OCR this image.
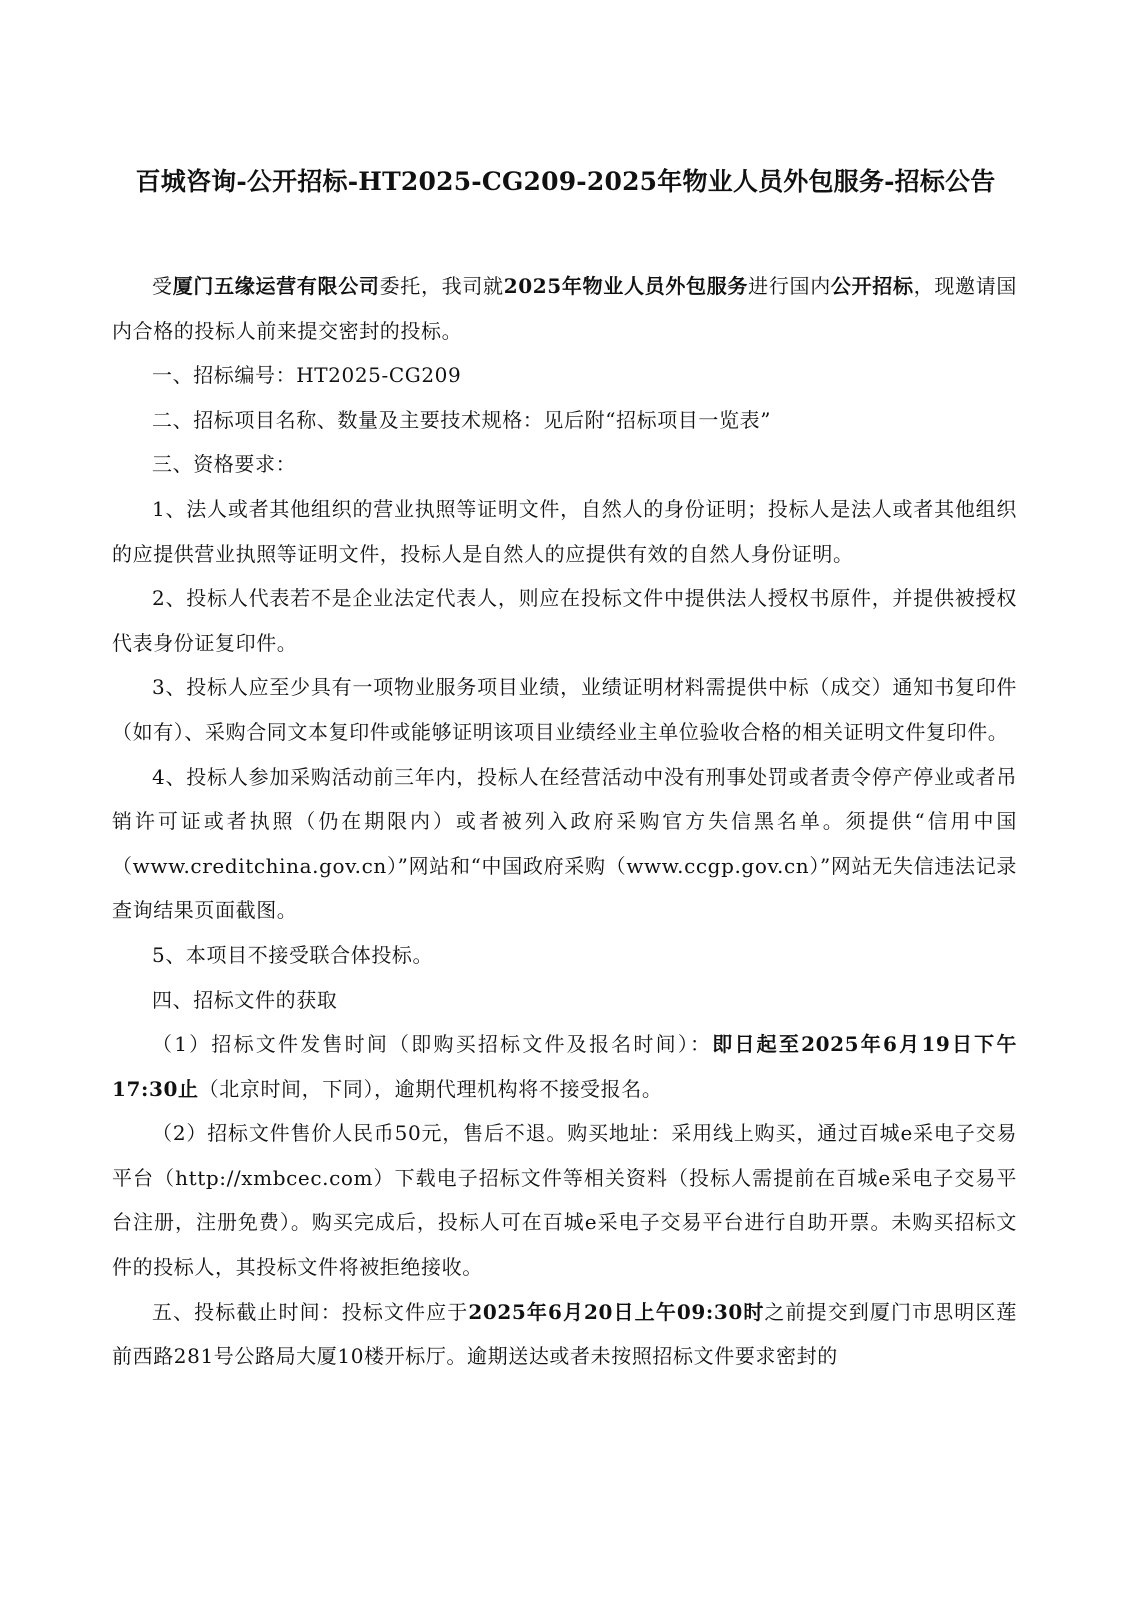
百城咨询-公开招标-HT2025-CG209-2025年物业人员外包服务-招标公告

受厦门五缘运营有限公司委托，我司就2025年物业人员外包服务进行国内公开招标，现邀请国内合格的投标人前来提交密封的投标。

一、招标编号：HT2025-CG209

二、招标项目名称、数量及主要技术规格：见后附“招标项目一览表”

三、资格要求：

1、法人或者其他组织的营业执照等证明文件，自然人的身份证明；投标人是法人或者其他组织的应提供营业执照等证明文件，投标人是自然人的应提供有效的自然人身份证明。

2、投标人代表若不是企业法定代表人，则应在投标文件中提供法人授权书原件，并提供被授权代表身份证复印件。

3、投标人应至少具有一项物业服务项目业绩，业绩证明材料需提供中标（成交）通知书复印件（如有）、采购合同文本复印件或能够证明该项目业绩经业主单位验收合格的相关证明文件复印件。

4、投标人参加采购活动前三年内，投标人在经营活动中没有刑事处罚或者责令停产停业或者吊销许可证或者执照（仍在期限内）或者被列入政府采购官方失信黑名单。须提供“信用中国（www.creditchina.gov.cn）”网站和“中国政府采购（www.ccgp.gov.cn）”网站无失信违法记录查询结果页面截图。

5、本项目不接受联合体投标。

四、招标文件的获取

（1）招标文件发售时间（即购买招标文件及报名时间）：即日起至2025年6月19日下午17:30止（北京时间，下同），逾期代理机构将不接受报名。

（2）招标文件售价人民币50元，售后不退。购买地址：采用线上购买，通过百城e采电子交易平台（http://xmbcec.com）下载电子招标文件等相关资料（投标人需提前在百城e采电子交易平台注册，注册免费）。购买完成后，投标人可在百城e采电子交易平台进行自助开票。未购买招标文件的投标人，其投标文件将被拒绝接收。

五、投标截止时间：投标文件应于2025年6月20日上午09:30时之前提交到厦门市思明区莲前西路281号公路局大厦10楼开标厅。逾期送达或者未按照招标文件要求密封的
